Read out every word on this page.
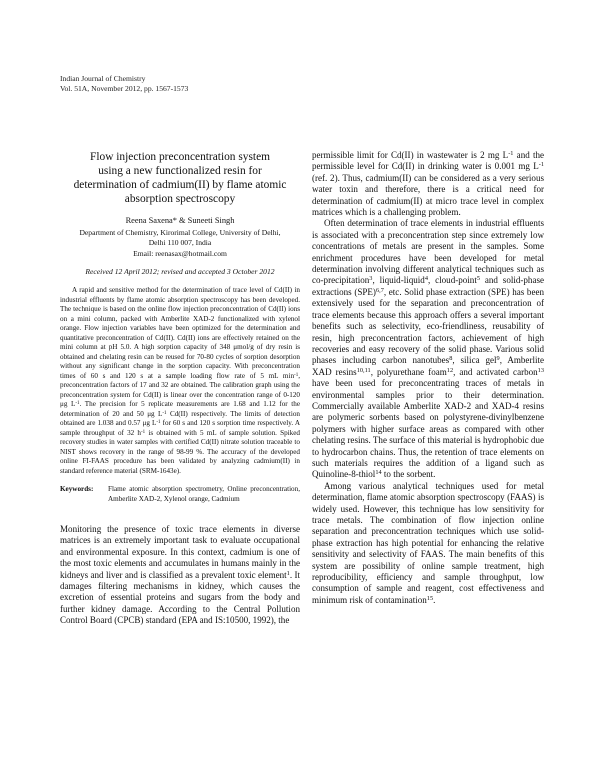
Indian Journal of Chemistry
Vol. 51A, November 2012, pp. 1567-1573
Flow injection preconcentration system
using a new functionalized resin for
determination of cadmium(II) by flame atomic
absorption spectroscopy
Reena Saxena* & Suneeti Singh
Department of Chemistry, Kirorimal College, University of Delhi,
Delhi 110 007, India
Email: reenasax@hotmail.com
Received 12 April 2012; revised and accepted 3 October 2012
A rapid and sensitive method for the determination of trace level of Cd(II) in industrial effluents by flame atomic absorption spectroscopy has been developed. The technique is based on the online flow injection preconcentration of Cd(II) ions on a mini column, packed with Amberlite XAD-2 functionalized with xylenol orange. Flow injection variables have been optimized for the determination and quantitative preconcentration of Cd(II). Cd(II) ions are effectively retained on the mini column at pH 5.0. A high sorption capacity of 348 μmol/g of dry resin is obtained and chelating resin can be reused for 70-80 cycles of sorption desorption without any significant change in the sorption capacity. With preconcentration times of 60 s and 120 s at a sample loading flow rate of 5 mL $\min^{-1}$, preconcentration factors of 17 and 32 are obtained. The calibration graph using the preconcentration system for Cd(II) is linear over the concentration range of 0-120 μg $L^{-1}$. The precision for 5 replicate measurements are 1.68 and 1.12 for the determination of 20 and 50 μg $L^{-1}$ Cd(II) respectively. The limits of detection obtained are 1.038 and 0.57 μg $L^{-1}$ for 60 s and 120 s sorption time respectively. A sample throughput of 32 $h^{-1}$ is obtained with 5 mL of sample solution. Spiked recovery studies in water samples with certified Cd(II) nitrate solution traceable to NIST shows recovery in the range of 98-99 %. The accuracy of the developed online FI-FAAS procedure has been validated by analyzing cadmium(II) in standard reference material (SRM-1643e).
Keywords:	Flame atomic absorption spectrometry, Online preconcentration, Amberlite XAD-2, Xylenol orange, Cadmium

Monitoring the presence of toxic trace elements in diverse matrices is an extremely important task to evaluate occupational and environmental exposure. In this context, cadmium is one of the most toxic elements and accumulates in humans mainly in the kidneys and liver and is classified as a prevalent toxic element$^1$. It damages filtering mechanisms in kidney, which causes the excretion of essential proteins and sugars from the body and further kidney damage. According to the Central Pollution Control Board (CPCB) standard (EPA and IS:10500, 1992), the

permissible limit for Cd(II) in wastewater is 2 mg $L^{-1}$ and the permissible level for Cd(II) in drinking water is 0.001 mg $L^{-1}$ (ref. 2). Thus, cadmium(II) can be considered as a very serious water toxin and therefore, there is a critical need for determination of cadmium(II) at micro trace level in complex matrices which is a challenging problem.

Often determination of trace elements in industrial effluents is associated with a preconcentration step since extremely low concentrations of metals are present in the samples. Some enrichment procedures have been developed for metal determination involving different analytical techniques such as co-precipitation$^3$, liquid-liquid$^4$, cloud-point$^5$ and solid-phase extractions (SPE)$^{6,7}$, etc. Solid phase extraction (SPE) has been extensively used for the separation and preconcentration of trace elements because this approach offers a several important benefits such as selectivity, eco-friendliness, reusability of resin, high preconcentration factors, achievement of high recoveries and easy recovery of the solid phase. Various solid phases including carbon nanotubes$^8$, silica gel$^9$, Amberlite XAD resins$^{10,11}$, polyurethane foam$^{12}$, and activated carbon$^{13}$ have been used for preconcentrating traces of metals in environmental samples prior to their determination. Commercially available Amberlite XAD-2 and XAD-4 resins are polymeric sorbents based on polystyrene-divinylbenzene polymers with higher surface areas as compared with other chelating resins. The surface of this material is hydrophobic due to hydrocarbon chains. Thus, the retention of trace elements on such materials requires the addition of a ligand such as Quinoline-8-thiol$^{14}$ to the sorbent.

Among various analytical techniques used for metal determination, flame atomic absorption spectroscopy (FAAS) is widely used. However, this technique has low sensitivity for trace metals. The combination of flow injection online separation and preconcentration techniques which use solid-phase extraction has high potential for enhancing the relative sensitivity and selectivity of FAAS. The main benefits of this system are possibility of online sample treatment, high reproducibility, efficiency and sample throughput, low consumption of sample and reagent, cost effectiveness and minimum risk of contamination$^{15}$.
